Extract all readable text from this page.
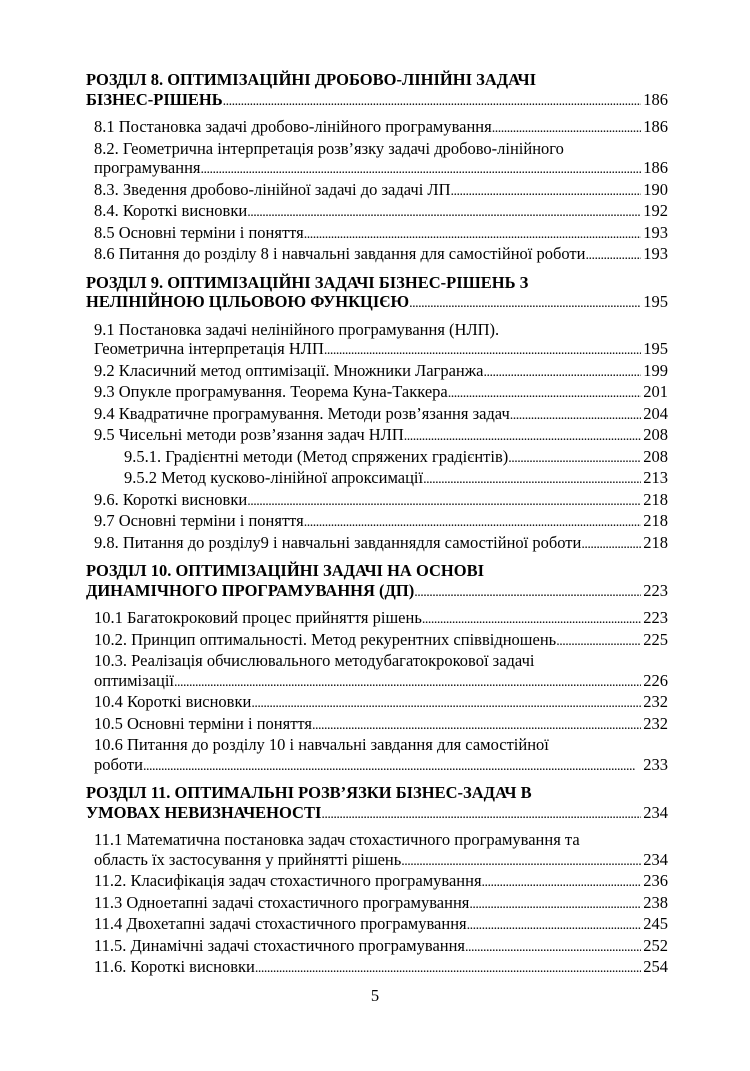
РОЗДІЛ 8. ОПТИМІЗАЦІЙНІ ДРОБОВО-ЛІНІЙНІ ЗАДАЧІ
БІЗНЕС-РІШЕНЬ . . .	186
8.1 Постановка задачі дробово-лінійного програмування . . .	186
8.2. Геометрична інтерпретація розв’язку задачі дробово-лінійного
програмування . . .	186
8.3. Зведення дробово-лінійної задачі до задачі ЛП . . .	190
8.4. Короткі висновки . . .	192
8.5 Основні терміни і поняття . . .	193
8.6 Питання до розділу 8 і навчальні завдання для самостійної роботи . . .	193
РОЗДІЛ 9. ОПТИМІЗАЦІЙНІ ЗАДАЧІ БІЗНЕС-РІШЕНЬ З
НЕЛІНІЙНОЮ ЦІЛЬОВОЮ ФУНКЦІЄЮ . . .	195
9.1 Постановка задачі нелінійного програмування (НЛП).
Геометрична інтерпретація НЛП . . .	195
9.2 Класичний метод оптимізації. Множники Лагранжа . . .	199
9.3 Опукле програмування. Теорема Куна-Таккера . . .	201
9.4 Квадратичне програмування. Методи розв’язання задач . . .	204
9.5 Чисельні методи розв’язання задач НЛП . . .	208
9.5.1. Градієнтні методи (Метод спряжених градієнтів) . . .	208
9.5.2 Метод кусково-лінійної апроксимації . . .	213
9.6. Короткі висновки . . .	218
9.7 Основні терміни і поняття . . .	218
9.8. Питання до розділу9 і навчальні завданнядля самостійної роботи . . .	218
РОЗДІЛ 10. ОПТИМІЗАЦІЙНІ ЗАДАЧІ НА ОСНОВІ
ДИНАМІЧНОГО ПРОГРАМУВАННЯ (ДП) . . .	223
10.1 Багатокроковий процес прийняття рішень . . .	223
10.2. Принцип оптимальності. Метод рекурентних співвідношень . . .	225
10.3. Реалізація обчислювального методубагатокрокової задачі
оптимізації . . .	226
10.4 Короткі висновки . . .	232
10.5 Основні терміни і поняття . . .	232
10.6 Питання до розділу 10 і навчальні завдання для самостійної
роботи . . .	233
РОЗДІЛ 11. ОПТИМАЛЬНІ РОЗВ’ЯЗКИ БІЗНЕС-ЗАДАЧ В
УМОВАХ НЕВИЗНАЧЕНОСТІ . . .	234
11.1 Математична постановка задач стохастичного програмування та
область їх застосування у прийнятті рішень . . .	234
11.2. Класифікація задач стохастичного програмування . . .	236
11.3 Одноетапні задачі стохастичного програмування . . .	238
11.4 Двохетапні задачі стохастичного програмування . . .	245
11.5. Динамічні задачі стохастичного програмування . . .	252
11.6. Короткі висновки . . .	254
5
